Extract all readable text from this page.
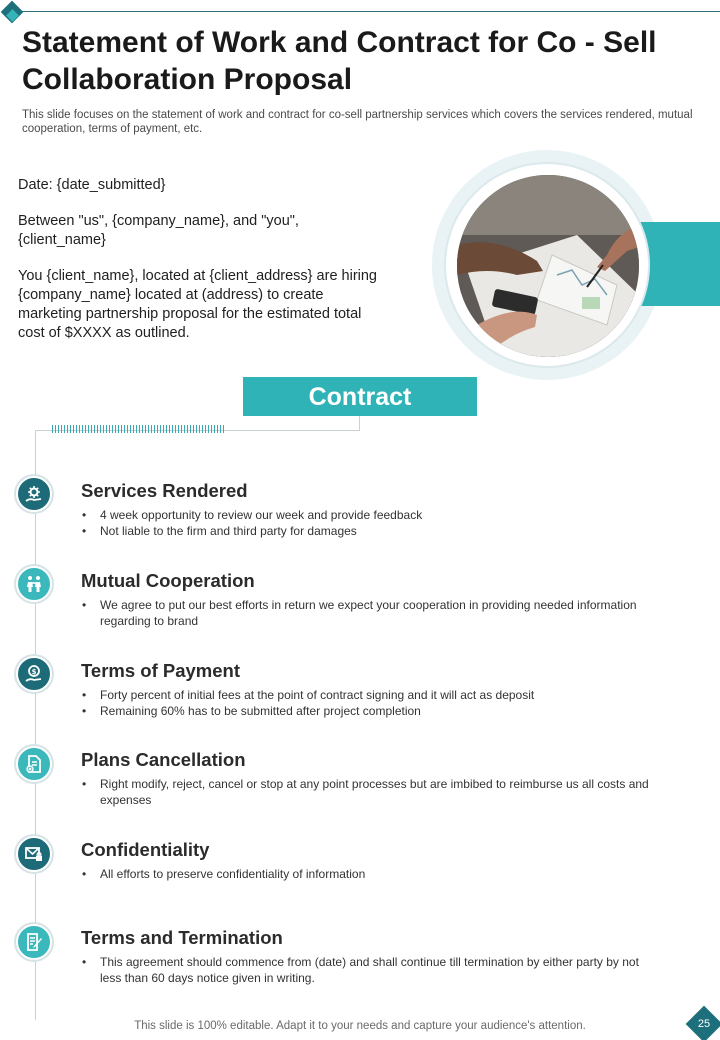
Statement of Work and Contract for Co - Sell Collaboration Proposal

This slide focuses on the statement of work and contract for co-sell partnership services which covers the services rendered, mutual cooperation, terms of payment, etc.

Date: {date_submitted}

Between "us", {company_name}, and "you", {client_name}

You {client_name}, located at {client_address} are hiring {company_name} located at (address) to create marketing partnership proposal for the estimated total cost of $XXXX as outlined.

Contract
Services Rendered
• 4 week opportunity to review our week and provide feedback
• Not liable to the firm and third party for damages
Mutual Cooperation
• We agree to put our best efforts in return we expect your cooperation in providing needed information regarding to brand
$ Terms of Payment
• Forty percent of initial fees at the point of contract signing and it will act as deposit
• Remaining 60% has to be submitted after project completion
Plans Cancellation
• Right modify, reject, cancel or stop at any point processes but are imbibed to reimburse us all costs and expenses
Confidentiality
• All efforts to preserve confidentiality of information
Terms and Termination
• This agreement should commence from (date) and shall continue till termination by either party by not less than 60 days notice given in writing.
This slide is 100% editable. Adapt it to your needs and capture your audience's attention.	25
